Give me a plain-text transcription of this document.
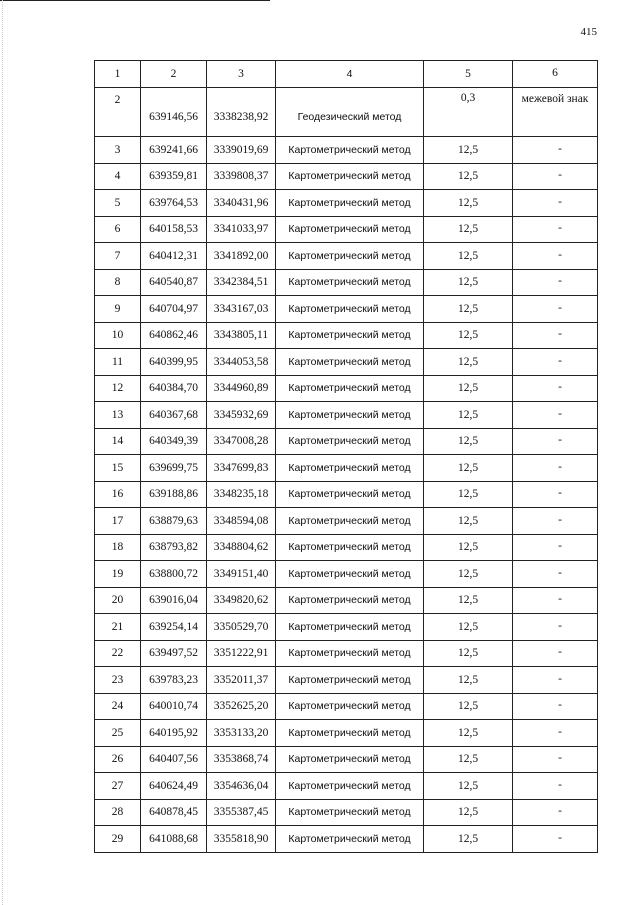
415
1	2	3	4	5	6
2	639146,56	3338238,92	Геодезический метод	0,3	межевой знак
3	639241,66	3339019,69	Картометрический метод	12,5	-
4	639359,81	3339808,37	Картометрический метод	12,5	-
5	639764,53	3340431,96	Картометрический метод	12,5	-
6	640158,53	3341033,97	Картометрический метод	12,5	-
7	640412,31	3341892,00	Картометрический метод	12,5	-
8	640540,87	3342384,51	Картометрический метод	12,5	-
9	640704,97	3343167,03	Картометрический метод	12,5	-
10	640862,46	3343805,11	Картометрический метод	12,5	-
11	640399,95	3344053,58	Картометрический метод	12,5	-
12	640384,70	3344960,89	Картометрический метод	12,5	-
13	640367,68	3345932,69	Картометрический метод	12,5	-
14	640349,39	3347008,28	Картометрический метод	12,5	-
15	639699,75	3347699,83	Картометрический метод	12,5	-
16	639188,86	3348235,18	Картометрический метод	12,5	-
17	638879,63	3348594,08	Картометрический метод	12,5	-
18	638793,82	3348804,62	Картометрический метод	12,5	-
19	638800,72	3349151,40	Картометрический метод	12,5	-
20	639016,04	3349820,62	Картометрический метод	12,5	-
21	639254,14	3350529,70	Картометрический метод	12,5	-
22	639497,52	3351222,91	Картометрический метод	12,5	-
23	639783,23	3352011,37	Картометрический метод	12,5	-
24	640010,74	3352625,20	Картометрический метод	12,5	-
25	640195,92	3353133,20	Картометрический метод	12,5	-
26	640407,56	3353868,74	Картометрический метод	12,5	-
27	640624,49	3354636,04	Картометрический метод	12,5	-
28	640878,45	3355387,45	Картометрический метод	12,5	-
29	641088,68	3355818,90	Картометрический метод	12,5	-
